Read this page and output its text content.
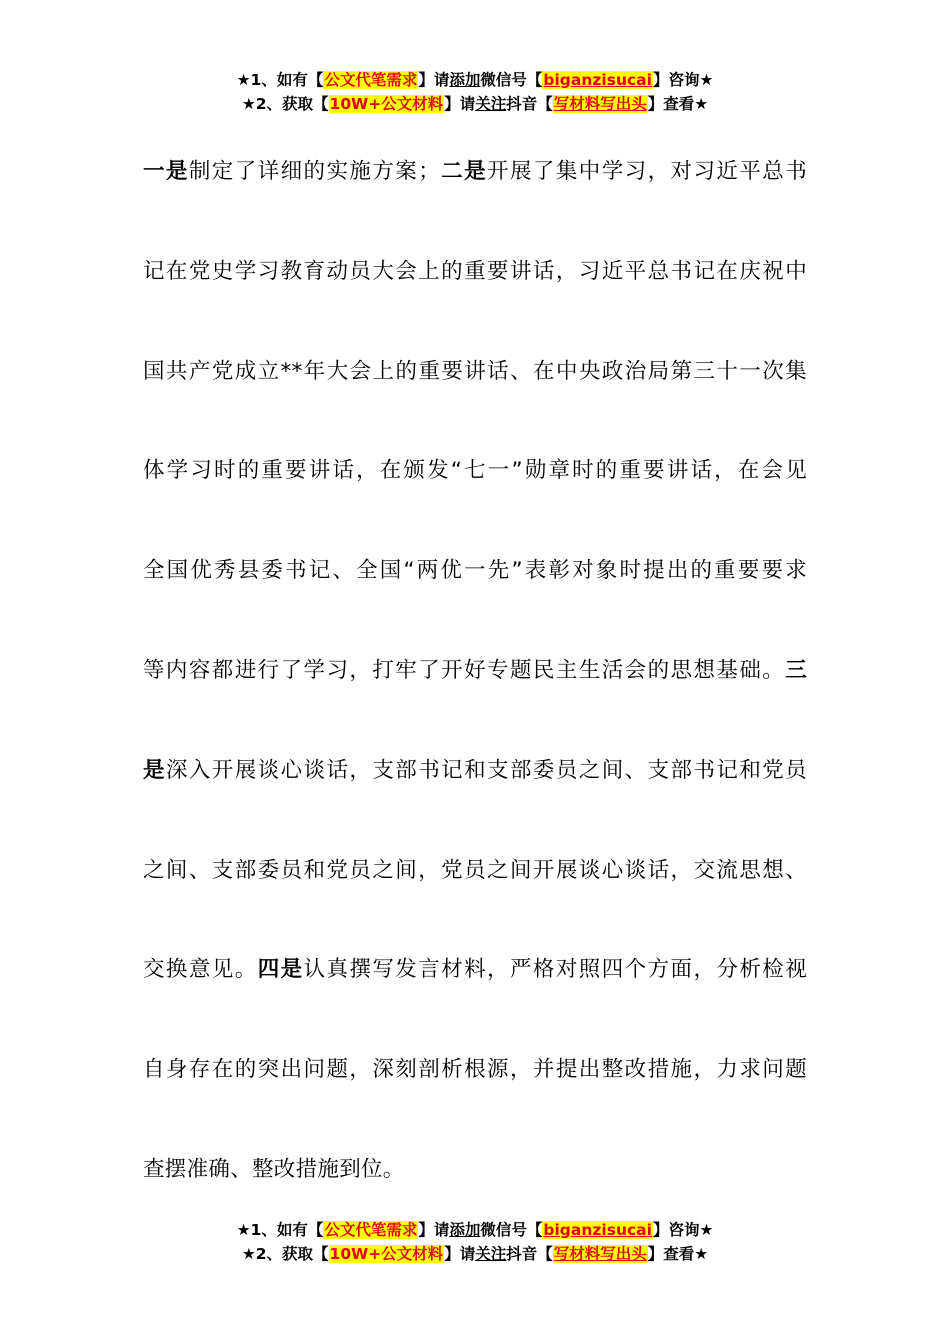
★1、如有【公文代笔需求】请添加微信号【biganzisucai】咨询★
★2、获取【10W+公文材料】请关注抖音【写材料写出头】查看★
一是制定了详细的实施方案；二是开展了集中学习，对习近平总书
记在党史学习教育动员大会上的重要讲话，习近平总书记在庆祝中
国共产党成立**年大会上的重要讲话、在中央政治局第三十一次集
体学习时的重要讲话，在颁发“七一”勋章时的重要讲话，在会见
全国优秀县委书记、全国“两优一先”表彰对象时提出的重要要求
等内容都进行了学习，打牢了开好专题民主生活会的思想基础。三
是深入开展谈心谈话，支部书记和支部委员之间、支部书记和党员
之间、支部委员和党员之间，党员之间开展谈心谈话，交流思想、
交换意见。四是认真撰写发言材料，严格对照四个方面，分析检视
自身存在的突出问题，深刻剖析根源，并提出整改措施，力求问题
查摆准确、整改措施到位。
★1、如有【公文代笔需求】请添加微信号【biganzisucai】咨询★
★2、获取【10W+公文材料】请关注抖音【写材料写出头】查看★
